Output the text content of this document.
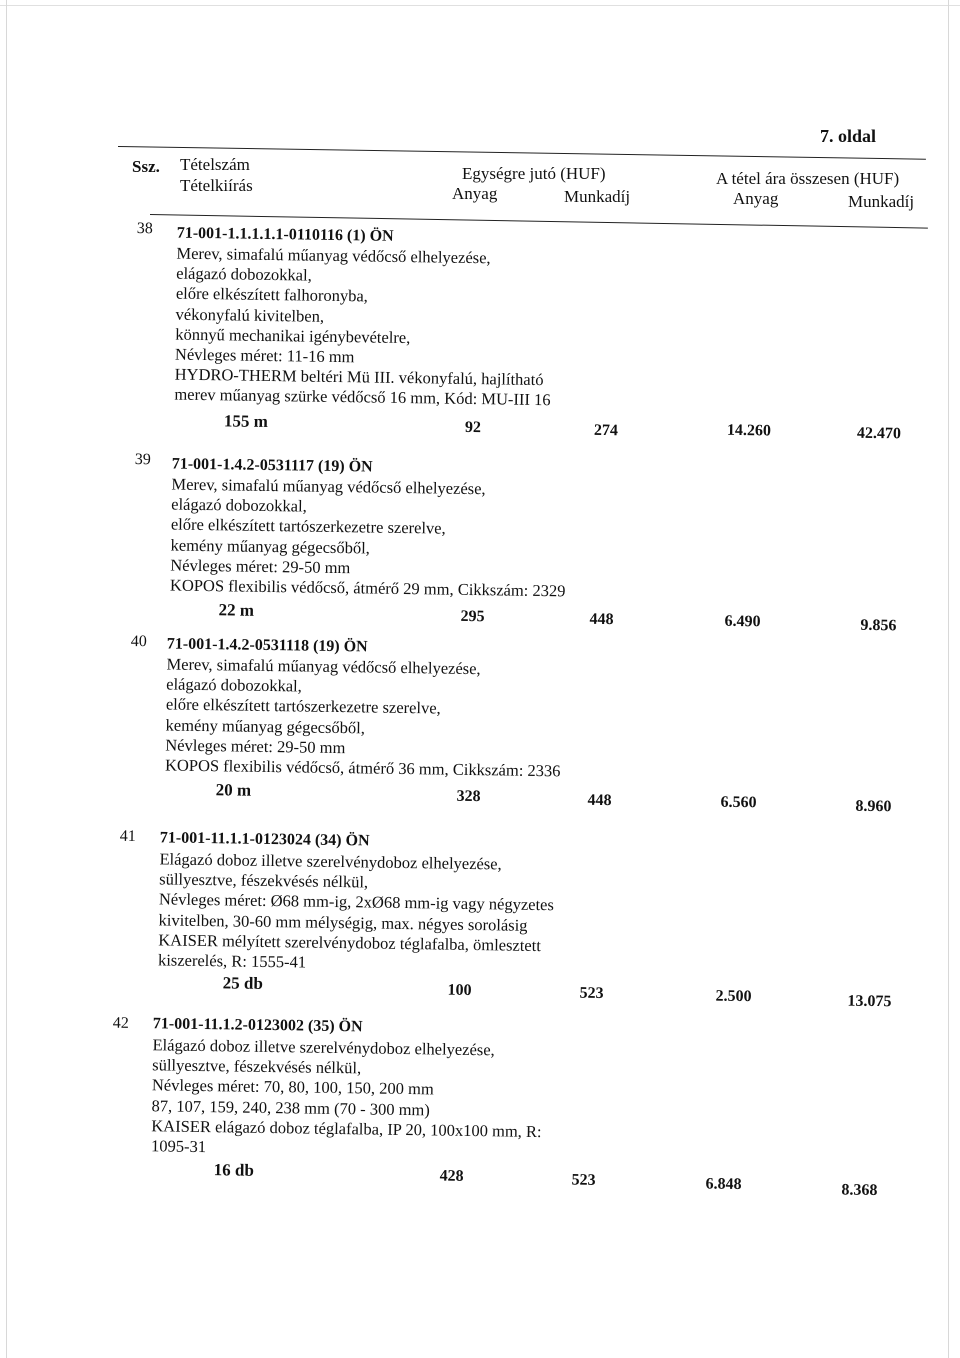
7. oldal
Ssz. Tételszám
Tételkiírás
Egységre jutó (HUF)
Anyag	Munkadíj
A tétel ára összesen (HUF)
Anyag	Munkadíj
38 71-001-1.1.1.1.1-0110116 (1) ÖN
Merev, simafalú műanyag védőcső elhelyezése,
elágazó dobozokkal,
előre elkészített falhoronyba,
vékonyfalú kivitelben,
könnyű mechanikai igénybevételre,
Névleges méret: 11-16 mm
HYDRO-THERM beltéri Mü III. vékonyfalú, hajlítható
merev műanyag szürke védőcső 16 mm, Kód: MU-III 16
155 m	92	274	14.260	42.470
39 71-001-1.4.2-0531117 (19) ÖN
Merev, simafalú műanyag védőcső elhelyezése,
elágazó dobozokkal,
előre elkészített tartószerkezetre szerelve,
kemény műanyag gégecsőből,
Névleges méret: 29-50 mm
KOPOS flexibilis védőcső, átmérő 29 mm, Cikkszám: 2329
22 m	295	448	6.490	9.856
40 71-001-1.4.2-0531118 (19) ÖN
Merev, simafalú műanyag védőcső elhelyezése,
elágazó dobozokkal,
előre elkészített tartószerkezetre szerelve,
kemény műanyag gégecsőből,
Névleges méret: 29-50 mm
KOPOS flexibilis védőcső, átmérő 36 mm, Cikkszám: 2336
20 m	328	448	6.560	8.960
41 71-001-11.1.1-0123024 (34) ÖN
Elágazó doboz illetve szerelvénydoboz elhelyezése,
süllyesztve, fészekvésés nélkül,
Névleges méret: Ø68 mm-ig, 2xØ68 mm-ig vagy négyzetes
kivitelben, 30-60 mm mélységig, max. négyes sorolásig
KAISER mélyített szerelvénydoboz téglafalba, ömlesztett
kiszerelés, R: 1555-41
25 db	100	523	2.500	13.075
42 71-001-11.1.2-0123002 (35) ÖN
Elágazó doboz illetve szerelvénydoboz elhelyezése,
süllyesztve, fészekvésés nélkül,
Névleges méret: 70, 80, 100, 150, 200 mm
87, 107, 159, 240, 238 mm (70 - 300 mm)
KAISER elágazó doboz téglafalba, IP 20, 100x100 mm, R:
1095-31
16 db	428	523	6.848	8.368
